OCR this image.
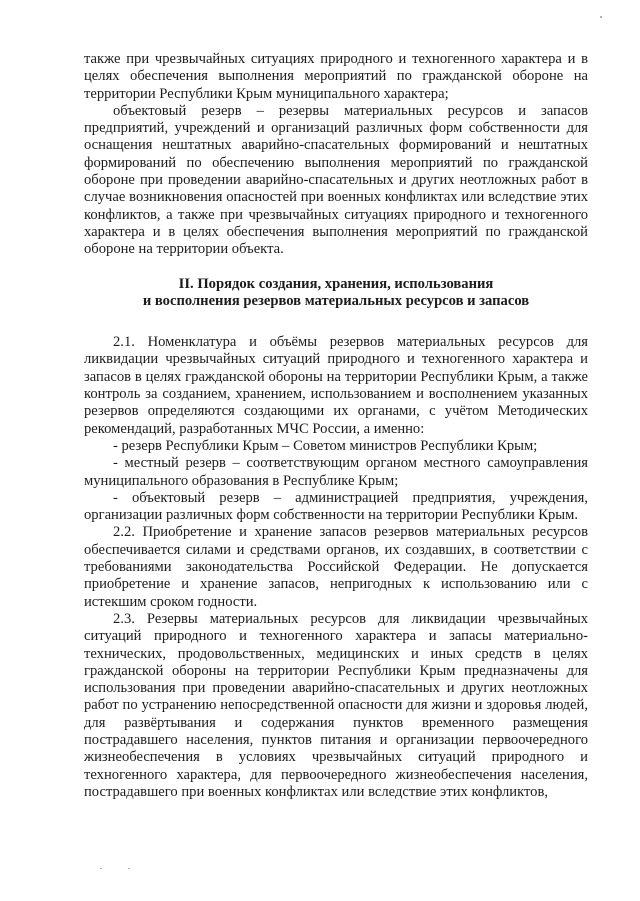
также при чрезвычайных ситуациях природного и техногенного характера и в целях обеспечения выполнения мероприятий по гражданской обороне на территории Республики Крым муниципального характера;

объектовый резерв – резервы материальных ресурсов и запасов предприятий, учреждений и организаций различных форм собственности для оснащения нештатных аварийно-спасательных формирований и нештатных формирований по обеспечению выполнения мероприятий по гражданской обороне при проведении аварийно-спасательных и других неотложных работ в случае возникновения опасностей при военных конфликтах или вследствие этих конфликтов, а также при чрезвычайных ситуациях природного и техногенного характера и в целях обеспечения выполнения мероприятий по гражданской обороне на территории объекта.

II. Порядок создания, хранения, использования
и восполнения резервов материальных ресурсов и запасов

2.1. Номенклатура и объёмы резервов материальных ресурсов для ликвидации чрезвычайных ситуаций природного и техногенного характера и запасов в целях гражданской обороны на территории Республики Крым, а также контроль за созданием, хранением, использованием и восполнением указанных резервов определяются создающими их органами, с учётом Методических рекомендаций, разработанных МЧС России, а именно:

- резерв Республики Крым – Советом министров Республики Крым;

- местный резерв – соответствующим органом местного самоуправления муниципального образования в Республике Крым;

- объектовый резерв – администрацией предприятия, учреждения, организации различных форм собственности на территории Республики Крым.

2.2. Приобретение и хранение запасов резервов материальных ресурсов обеспечивается силами и средствами органов, их создавших, в соответствии с требованиями законодательства Российской Федерации. Не допускается приобретение и хранение запасов, непригодных к использованию или с истекшим сроком годности.

2.3. Резервы материальных ресурсов для ликвидации чрезвычайных ситуаций природного и техногенного характера и запасы материально-технических, продовольственных, медицинских и иных средств в целях гражданской обороны на территории Республики Крым предназначены для использования при проведении аварийно-спасательных и других неотложных работ по устранению непосредственной опасности для жизни и здоровья людей, для развёртывания и содержания пунктов временного размещения пострадавшего населения, пунктов питания и организации первоочередного жизнеобеспечения в условиях чрезвычайных ситуаций природного и техногенного характера, для первоочередного жизнеобеспечения населения, пострадавшего при военных конфликтах или вследствие этих конфликтов,
